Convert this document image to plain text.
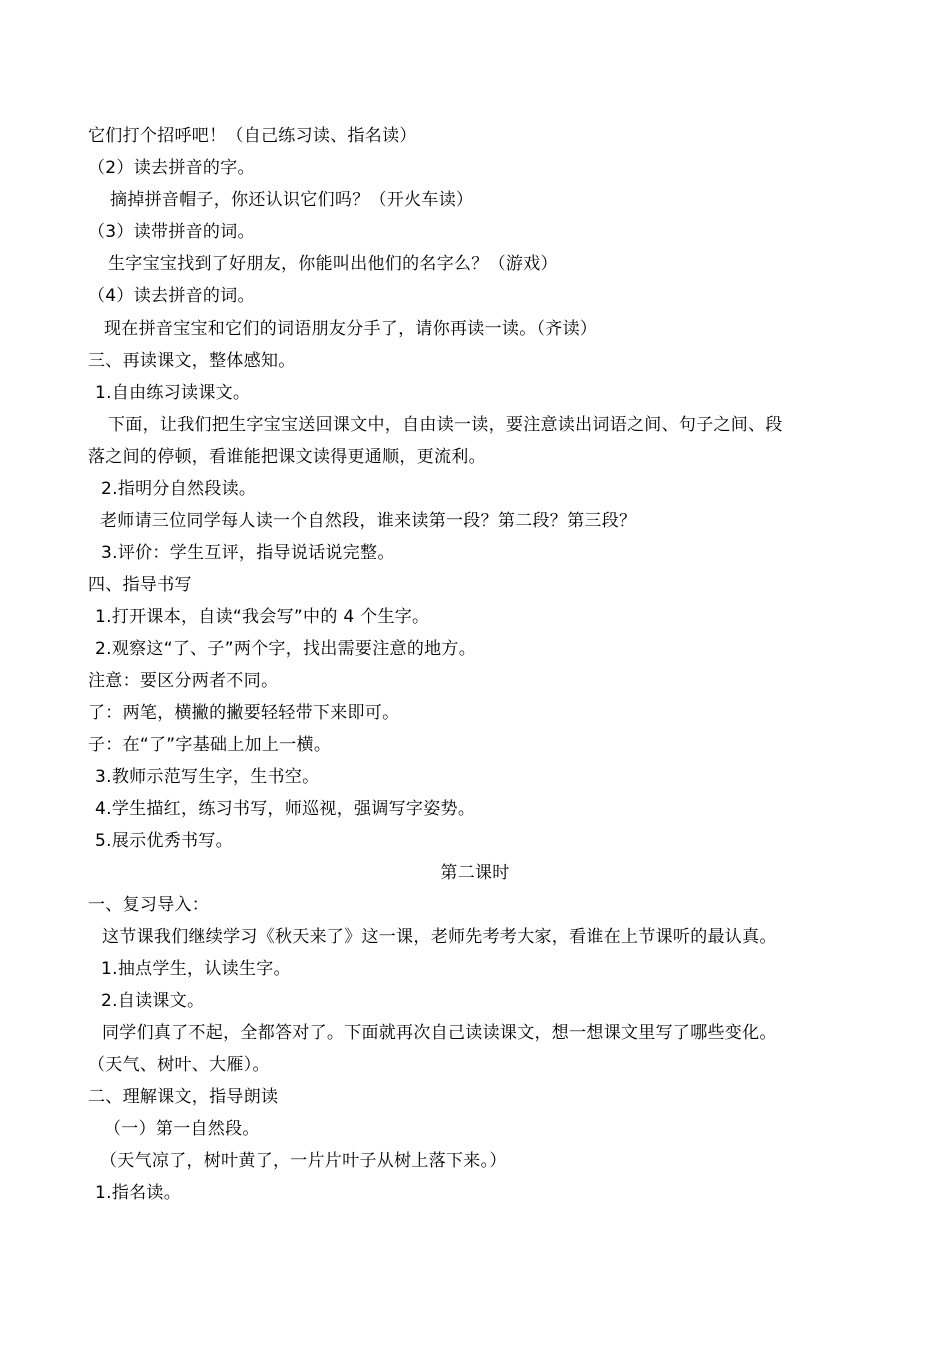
它们打个招呼吧！（自己练习读、指名读）
（2）读去拼音的字。
摘掉拼音帽子，你还认识它们吗？（开火车读）
（3）读带拼音的词。
生字宝宝找到了好朋友，你能叫出他们的名字么？（游戏）
（4）读去拼音的词。
现在拼音宝宝和它们的词语朋友分手了，请你再读一读。（齐读）
三、再读课文，整体感知。
1.自由练习读课文。
下面，让我们把生字宝宝送回课文中，自由读一读，要注意读出词语之间、句子之间、段
落之间的停顿，看谁能把课文读得更通顺，更流利。
2.指明分自然段读。
老师请三位同学每人读一个自然段，谁来读第一段？第二段？第三段？
3.评价：学生互评，指导说话说完整。
四、指导书写
1.打开课本，自读“我会写”中的 4 个生字。
2.观察这“了、子”两个字，找出需要注意的地方。
注意：要区分两者不同。
了：两笔，横撇的撇要轻轻带下来即可。
子：在“了”字基础上加上一横。
3.教师示范写生字，生书空。
4.学生描红，练习书写，师巡视，强调写字姿势。
5.展示优秀书写。
第二课时
一、复习导入：
这节课我们继续学习《秋天来了》这一课，老师先考考大家，看谁在上节课听的最认真。
1.抽点学生，认读生字。
2.自读课文。
同学们真了不起，全都答对了。下面就再次自己读读课文，想一想课文里写了哪些变化。
（天气、树叶、大雁）。
二、理解课文，指导朗读
（一）第一自然段。
（天气凉了，树叶黄了，一片片叶子从树上落下来。）
1.指名读。
